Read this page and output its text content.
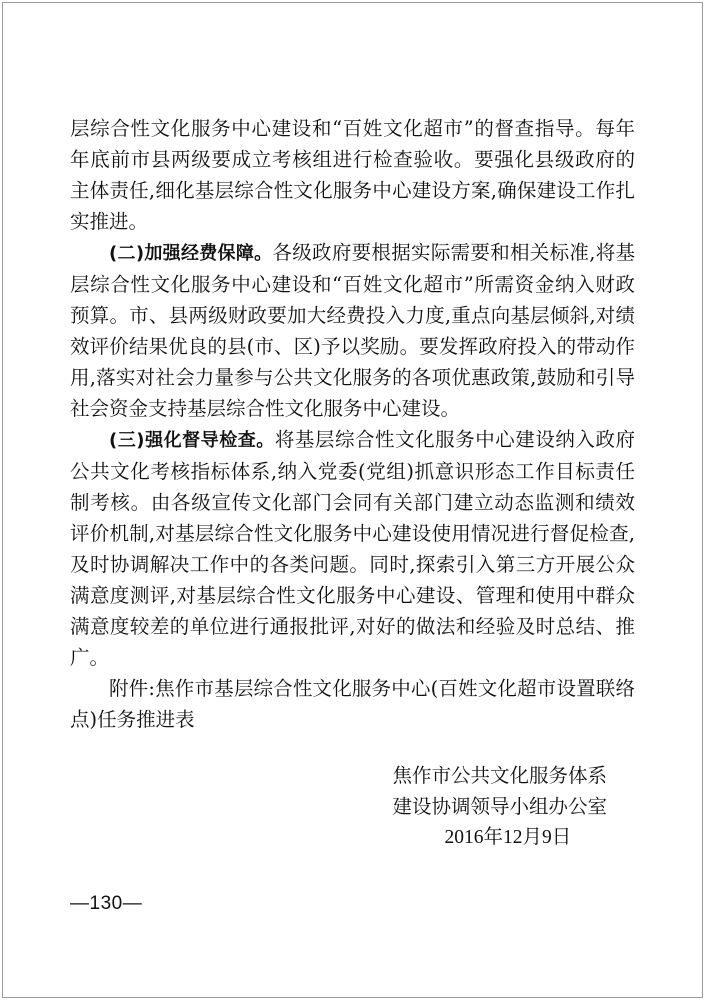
层综合性文化服务中心建设和“百姓文化超市”的督查指导。每年年底前市县两级要成立考核组进行检查验收。要强化县级政府的主体责任,细化基层综合性文化服务中心建设方案,确保建设工作扎实推进。

(二)加强经费保障。各级政府要根据实际需要和相关标准,将基层综合性文化服务中心建设和“百姓文化超市”所需资金纳入财政预算。市、县两级财政要加大经费投入力度,重点向基层倾斜,对绩效评价结果优良的县(市、区)予以奖励。要发挥政府投入的带动作用,落实对社会力量参与公共文化服务的各项优惠政策,鼓励和引导社会资金支持基层综合性文化服务中心建设。

(三)强化督导检查。将基层综合性文化服务中心建设纳入政府公共文化考核指标体系,纳入党委(党组)抓意识形态工作目标责任制考核。由各级宣传文化部门会同有关部门建立动态监测和绩效评价机制,对基层综合性文化服务中心建设使用情况进行督促检查,及时协调解决工作中的各类问题。同时,探索引入第三方开展公众满意度测评,对基层综合性文化服务中心建设、管理和使用中群众满意度较差的单位进行通报批评,对好的做法和经验及时总结、推广。

附件:焦作市基层综合性文化服务中心(百姓文化超市设置联络点)任务推进表

焦作市公共文化服务体系
建设协调领导小组办公室
2016年12月9日
—130—
